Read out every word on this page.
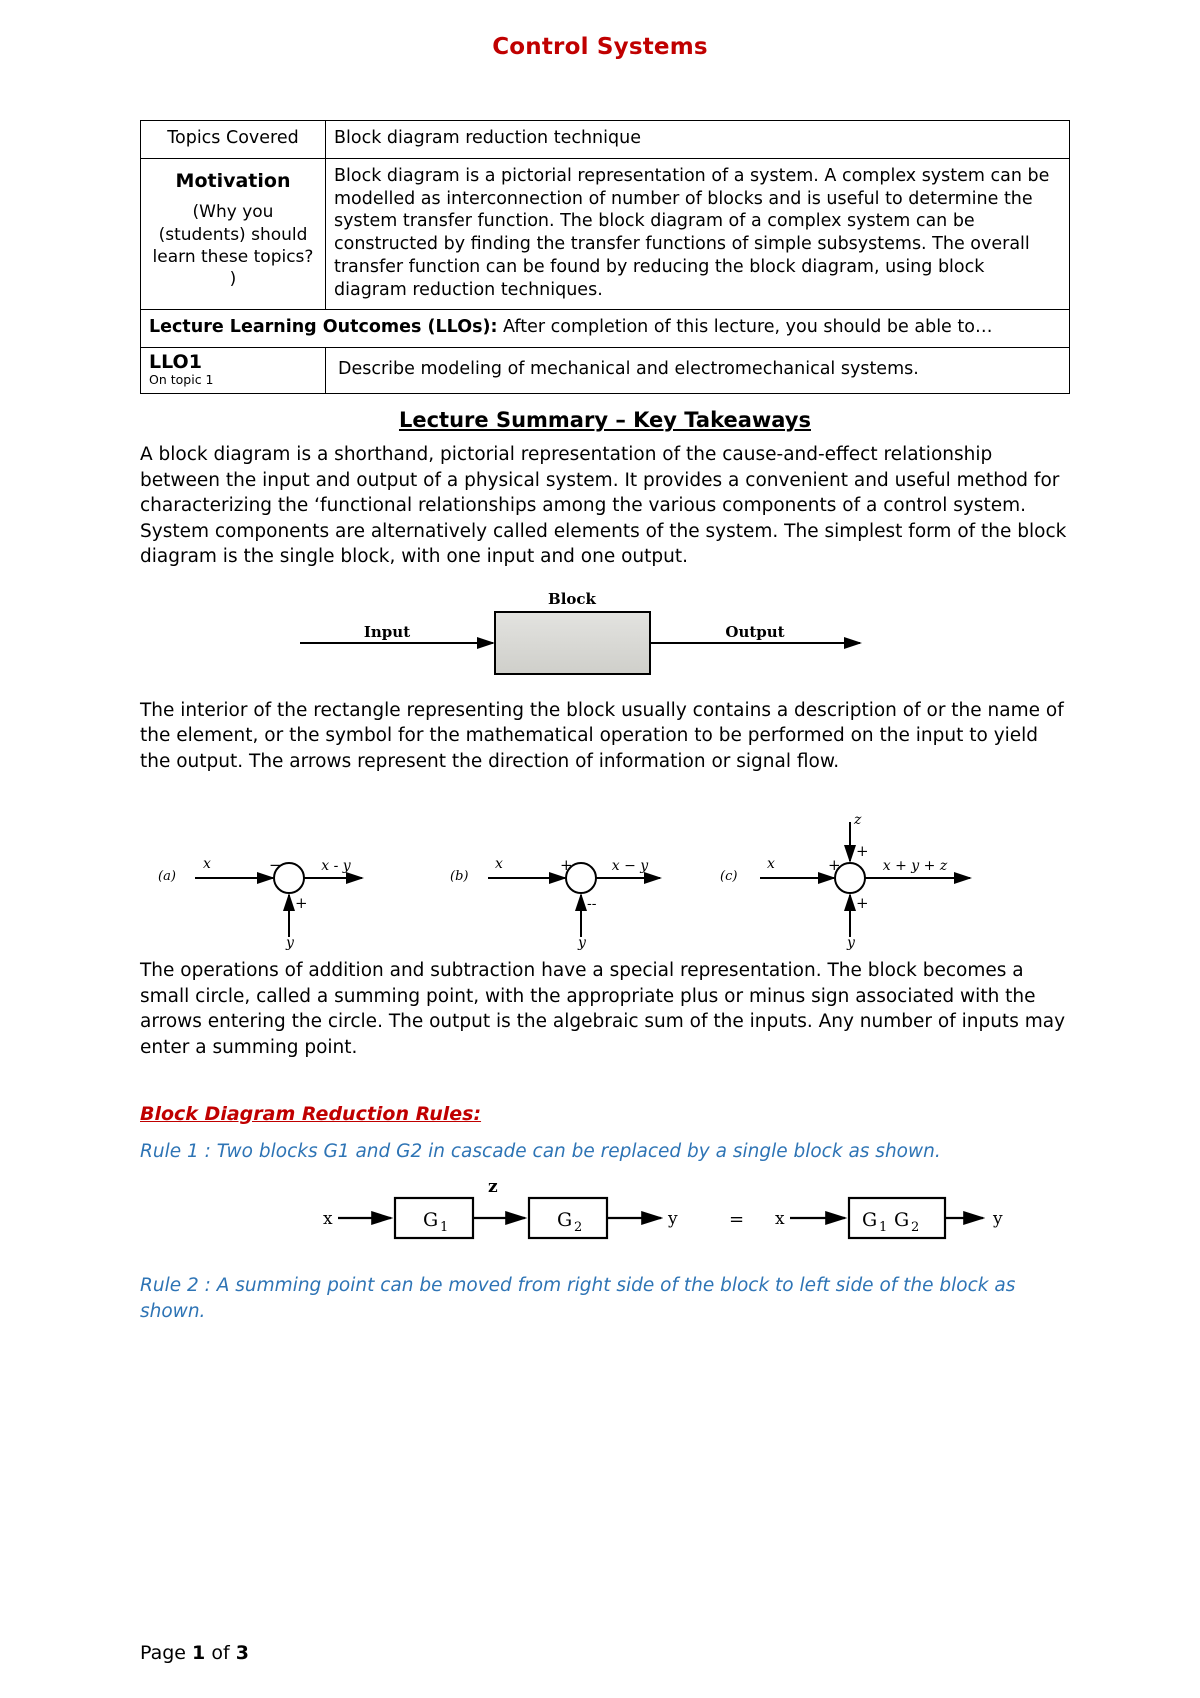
Control Systems
Topics Covered	Block diagram reduction technique

Motivation
(Why you (students) should learn these topics? )	Block diagram is a pictorial representation of a system. A complex system can be modelled as interconnection of number of blocks and is useful to determine the system transfer function. The block diagram of a complex system can be constructed by finding the transfer functions of simple subsystems. The overall transfer function can be found by reducing the block diagram, using block diagram reduction techniques.
Lecture Learning Outcomes (LLOs): After completion of this lecture, you should be able to…	

LLO1
On topic 1	Describe modeling of mechanical and electromechanical systems.
Lecture Summary – Key Takeaways

A block diagram is a shorthand, pictorial representation of the cause-and-effect relationship between the input and output of a physical system. It provides a convenient and useful method for characterizing the ‘functional relationships among the various components of a control system. System components are alternatively called elements of the system. The simplest form of the block diagram is the single block, with one input and one output.

Block
Input	Output

The interior of the rectangle representing the block usually contains a description of or the name of the element, or the symbol for the mathematical operation to be performed on the input to yield the output. The arrows represent the direction of information or signal flow.

(a)
x	−	x - y
+
y
(b)
x	+	x − y
--
y
(c)
x	+
z
+
x + y + z
+
y

The operations of addition and subtraction have a special representation. The block becomes a small circle, called a summing point, with the appropriate plus or minus sign associated with the arrows entering the circle. The output is the algebraic sum of the inputs. Any number of inputs may enter a summing point.

Block Diagram Reduction Rules:
Rule 1 : Two blocks G1 and G2 in cascade can be replaced by a single block as shown.
x	G 1
z
G 2	y	= x	G 1 G 2	y
Rule 2 : A summing point can be moved from right side of the block to left side of the block as shown.
Page 1 of 3
